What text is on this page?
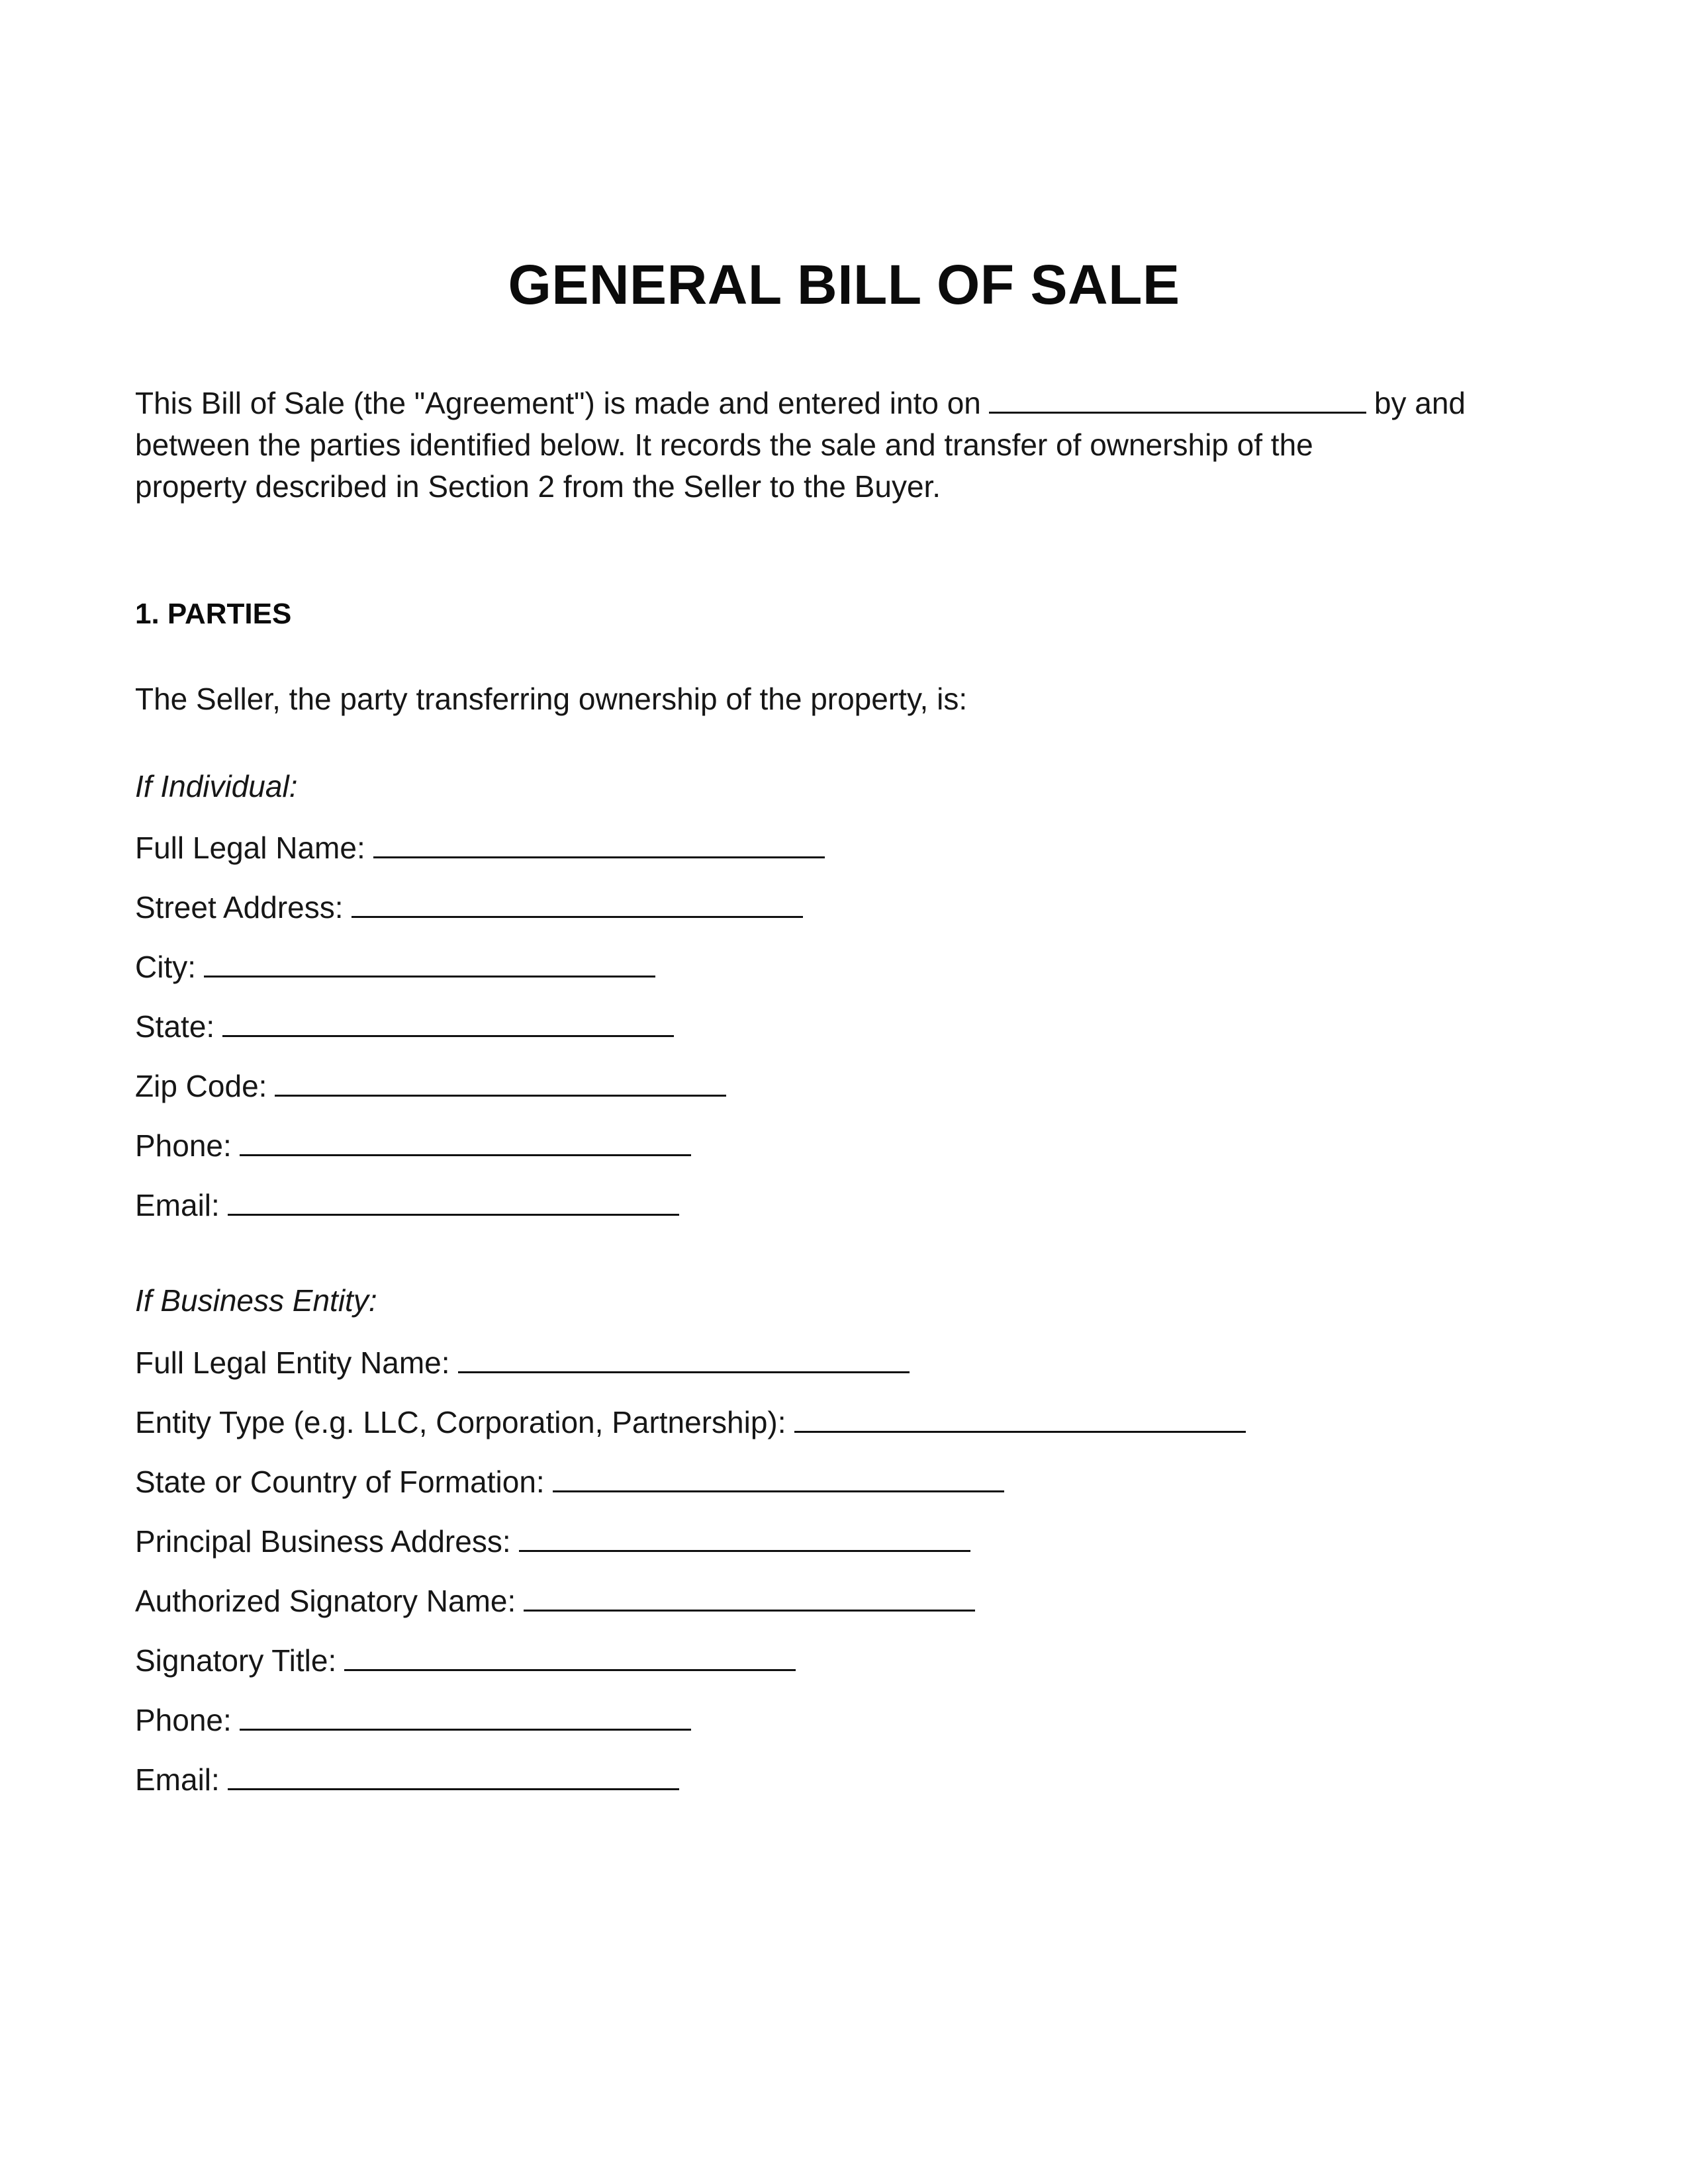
GENERAL BILL OF SALE
This Bill of Sale (the "Agreement") is made and entered into on	by and
between the parties identified below. It records the sale and transfer of ownership of the
property described in Section 2 from the Seller to the Buyer.
1. PARTIES
The Seller, the party transferring ownership of the property, is:
If Individual:
Full Legal Name:
Street Address:
City:
State:
Zip Code:
Phone:
Email:
If Business Entity:
Full Legal Entity Name:
Entity Type (e.g. LLC, Corporation, Partnership):
State or Country of Formation:
Principal Business Address:
Authorized Signatory Name:
Signatory Title:
Phone:
Email:
